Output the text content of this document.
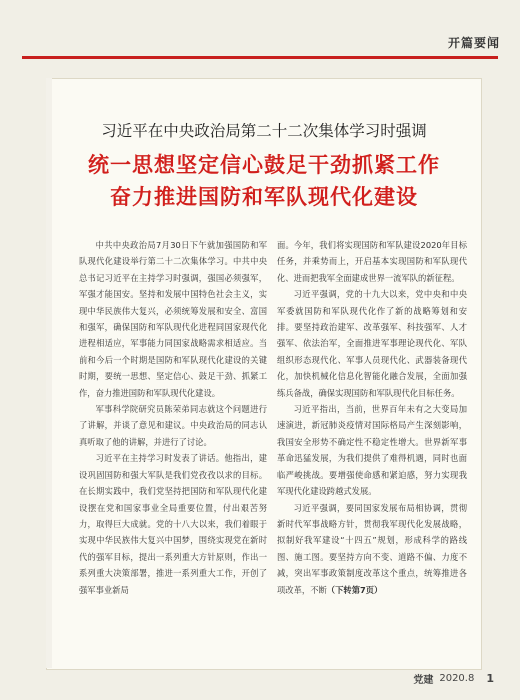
开篇要闻
习近平在中央政治局第二十二次集体学习时强调
统一思想坚定信心鼓足干劲抓紧工作
奋力推进国防和军队现代化建设

中共中央政治局7月30日下午就加强国防和军队现代化建设举行第二十二次集体学习。中共中央总书记习近平在主持学习时强调，强国必须强军，军强才能国安。坚持和发展中国特色社会主义，实现中华民族伟大复兴，必须统筹发展和安全、富国和强军，确保国防和军队现代化进程同国家现代化进程相适应，军事能力同国家战略需求相适应。当前和今后一个时期是国防和军队现代化建设的关键时期，要统一思想、坚定信心、鼓足干劲、抓紧工作，奋力推进国防和军队现代化建设。

军事科学院研究员陈荣弟同志就这个问题进行了讲解，并谈了意见和建议。中央政治局的同志认真听取了他的讲解，并进行了讨论。

习近平在主持学习时发表了讲话。他指出，建设巩固国防和强大军队是我们党孜孜以求的目标。在长期实践中，我们党坚持把国防和军队现代化建设摆在党和国家事业全局重要位置，付出艰苦努力，取得巨大成就。党的十八大以来，我们着眼于实现中华民族伟大复兴中国梦，围绕实现党在新时代的强军目标，提出一系列重大方针原则，作出一系列重大决策部署，推进一系列重大工作，开创了强军事业新局

面。今年，我们将实现国防和军队建设2020年目标任务，并乘势而上，开启基本实现国防和军队现代化、进而把我军全面建成世界一流军队的新征程。

习近平强调，党的十九大以来，党中央和中央军委就国防和军队现代化作了新的战略筹划和安排。要坚持政治建军、改革强军、科技强军、人才强军、依法治军，全面推进军事理论现代化、军队组织形态现代化、军事人员现代化、武器装备现代化，加快机械化信息化智能化融合发展，全面加强练兵备战，确保实现国防和军队现代化目标任务。

习近平指出，当前，世界百年未有之大变局加速演进，新冠肺炎疫情对国际格局产生深刻影响，我国安全形势不确定性不稳定性增大。世界新军事革命迅猛发展，为我们提供了难得机遇，同时也面临严峻挑战。要增强使命感和紧迫感，努力实现我军现代化建设跨越式发展。

习近平强调，要同国家发展布局相协调，贯彻新时代军事战略方针，贯彻我军现代化发展战略，拟制好我军建设“十四五”规划，形成科学的路线图、施工图。要坚持方向不变、道路不偏、力度不减，突出军事政策制度改革这个重点，统筹推进各项改革，不断（下转第7页）

党建 2020.8 1
